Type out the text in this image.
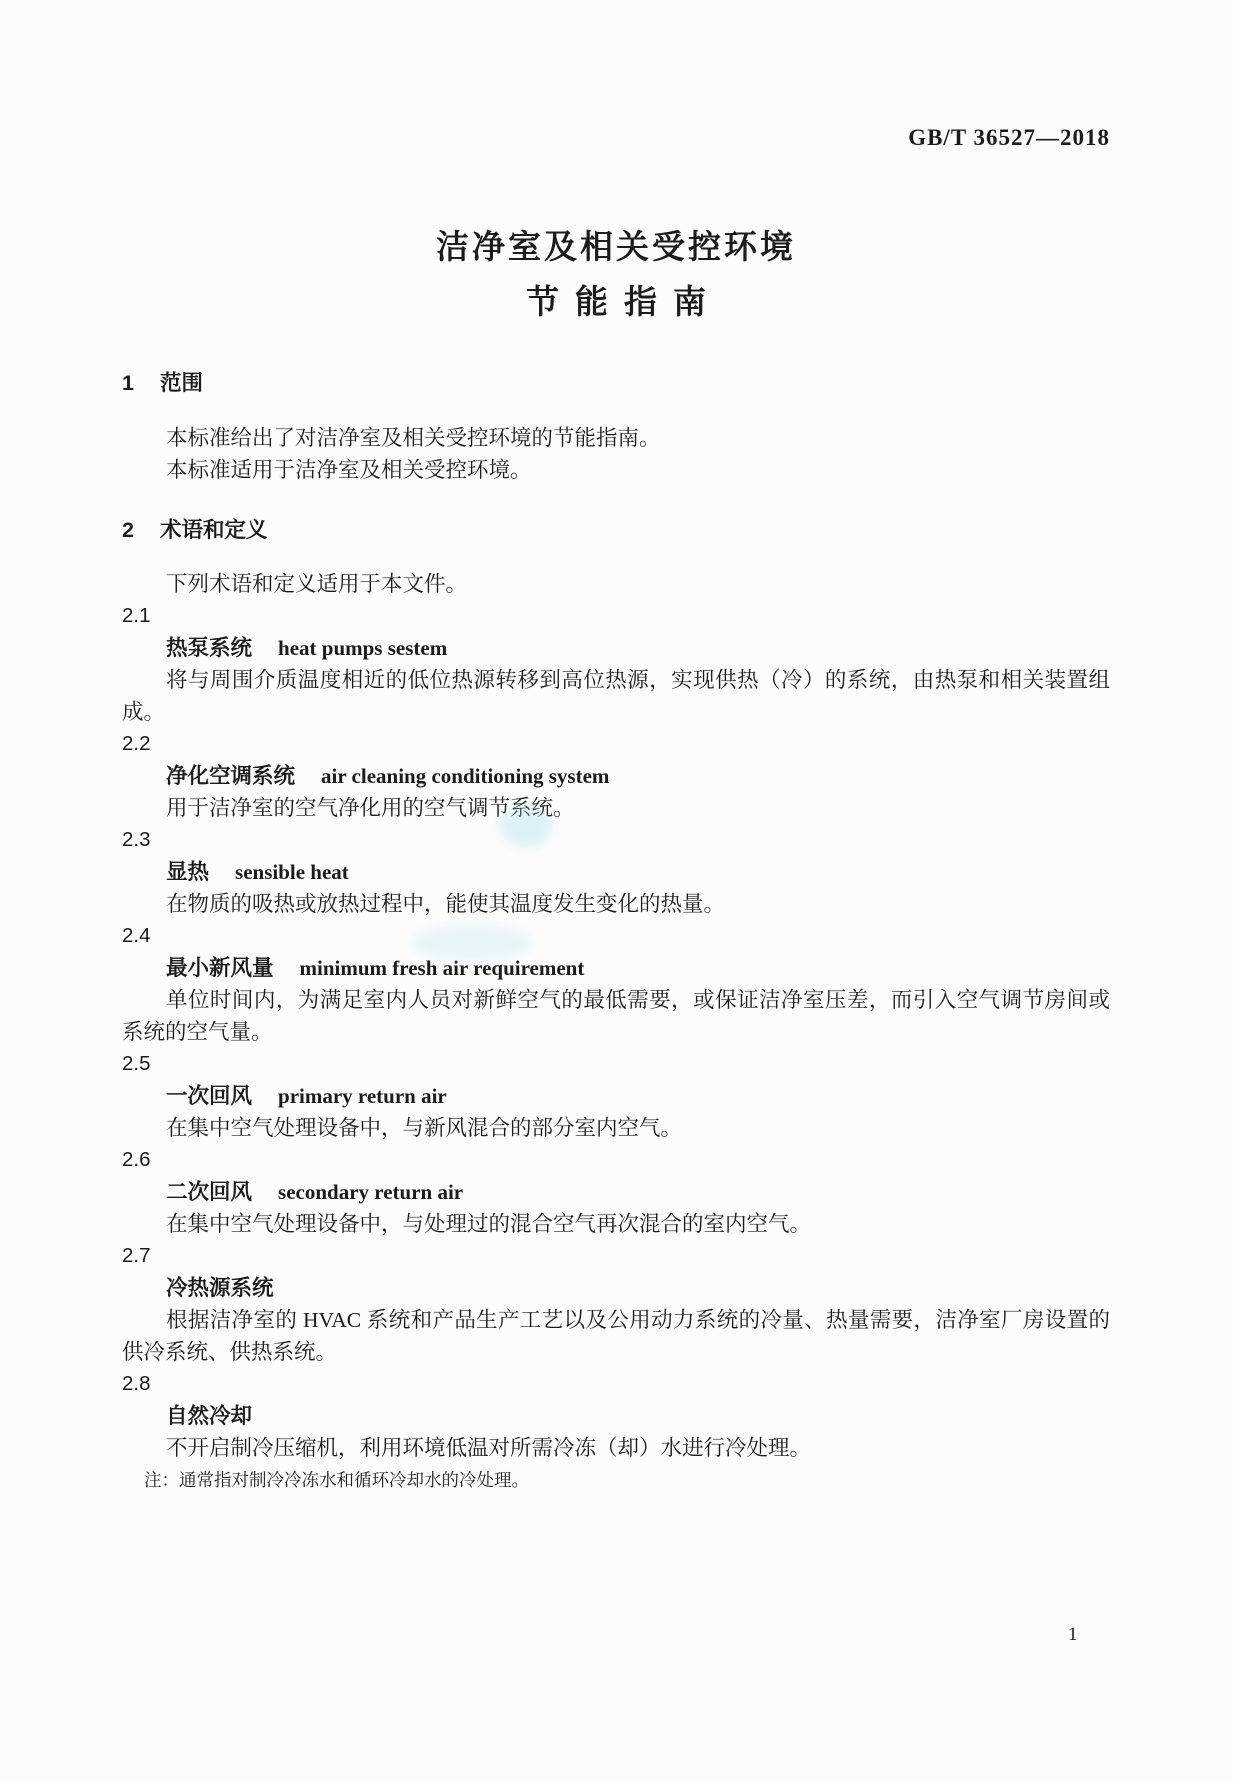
GB/T 36527—2018
洁净室及相关受控环境
节能指南
1 范围

本标准给出了对洁净室及相关受控环境的节能指南。

本标准适用于洁净室及相关受控环境。

2 术语和定义

下列术语和定义适用于本文件。

2.1
热泵系统 heat pumps sestem

将与周围介质温度相近的低位热源转移到高位热源，实现供热（冷）的系统，由热泵和相关装置组成。

2.2
净化空调系统 air cleaning conditioning system

用于洁净室的空气净化用的空气调节系统。

2.3
显热 sensible heat

在物质的吸热或放热过程中，能使其温度发生变化的热量。

2.4
最小新风量 minimum fresh air requirement

单位时间内，为满足室内人员对新鲜空气的最低需要，或保证洁净室压差，而引入空气调节房间或系统的空气量。

2.5
一次回风 primary return air

在集中空气处理设备中，与新风混合的部分室内空气。

2.6
二次回风 secondary return air

在集中空气处理设备中，与处理过的混合空气再次混合的室内空气。

2.7
冷热源系统

根据洁净室的 HVAC 系统和产品生产工艺以及公用动力系统的冷量、热量需要，洁净室厂房设置的供冷系统、供热系统。

2.8
自然冷却

不开启制冷压缩机，利用环境低温对所需冷冻（却）水进行冷处理。

注：通常指对制冷冷冻水和循环冷却水的冷处理。

1
